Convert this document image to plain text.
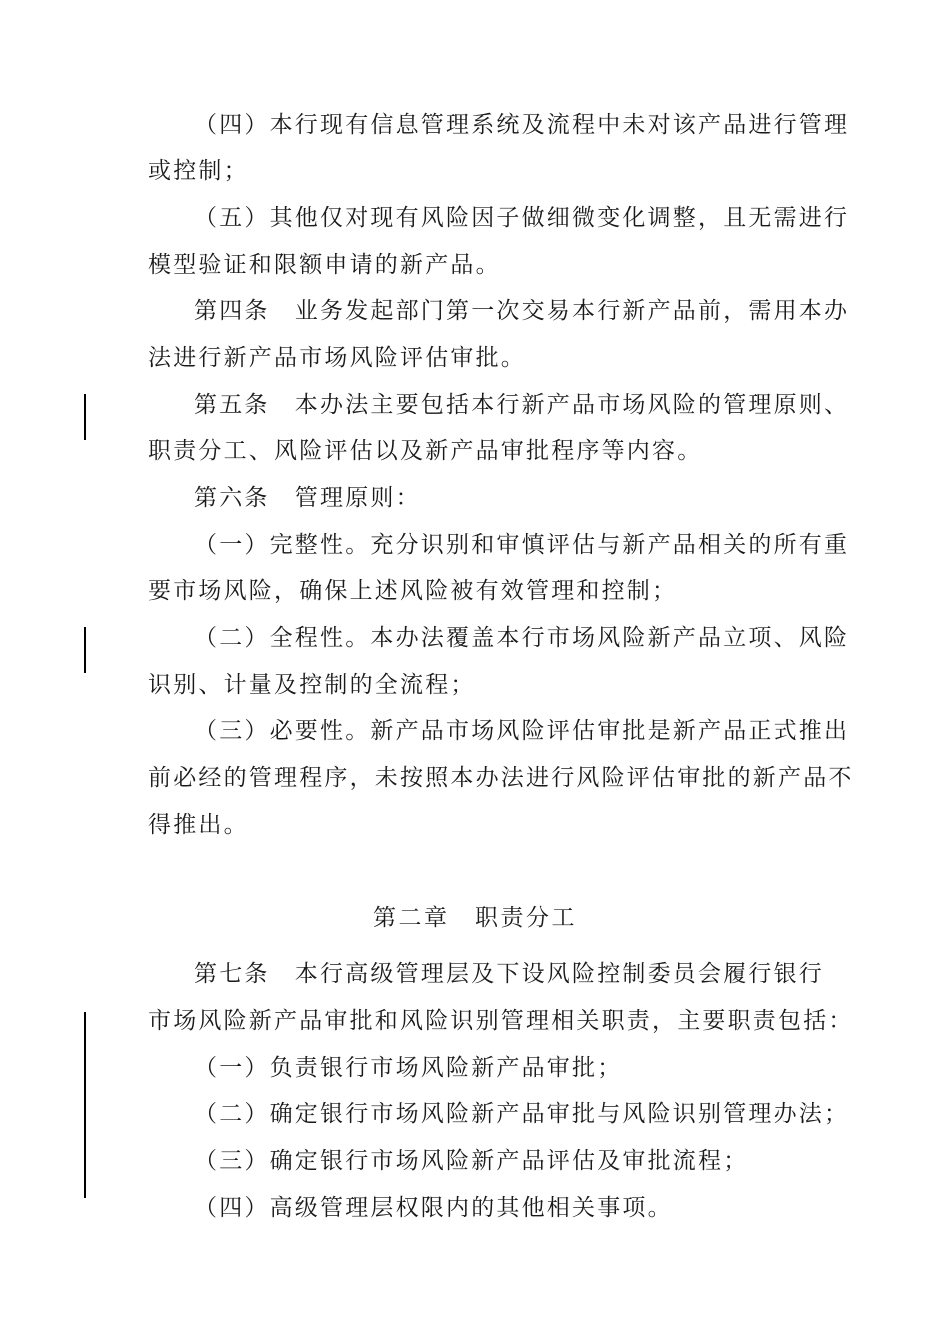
（四）本行现有信息管理系统及流程中未对该产品进行管理
或控制；
（五）其他仅对现有风险因子做细微变化调整，且无需进行
模型验证和限额申请的新产品。
第四条　业务发起部门第一次交易本行新产品前，需用本办
法进行新产品市场风险评估审批。
第五条　本办法主要包括本行新产品市场风险的管理原则、
职责分工、风险评估以及新产品审批程序等内容。
第六条　管理原则：
（一）完整性。充分识别和审慎评估与新产品相关的所有重
要市场风险，确保上述风险被有效管理和控制；
（二）全程性。本办法覆盖本行市场风险新产品立项、风险
识别、计量及控制的全流程；
（三）必要性。新产品市场风险评估审批是新产品正式推出
前必经的管理程序，未按照本办法进行风险评估审批的新产品不
得推出。
第二章　职责分工
第七条　本行高级管理层及下设风险控制委员会履行银行
市场风险新产品审批和风险识别管理相关职责，主要职责包括：
（一）负责银行市场风险新产品审批；
（二）确定银行市场风险新产品审批与风险识别管理办法；
（三）确定银行市场风险新产品评估及审批流程；
（四）高级管理层权限内的其他相关事项。
